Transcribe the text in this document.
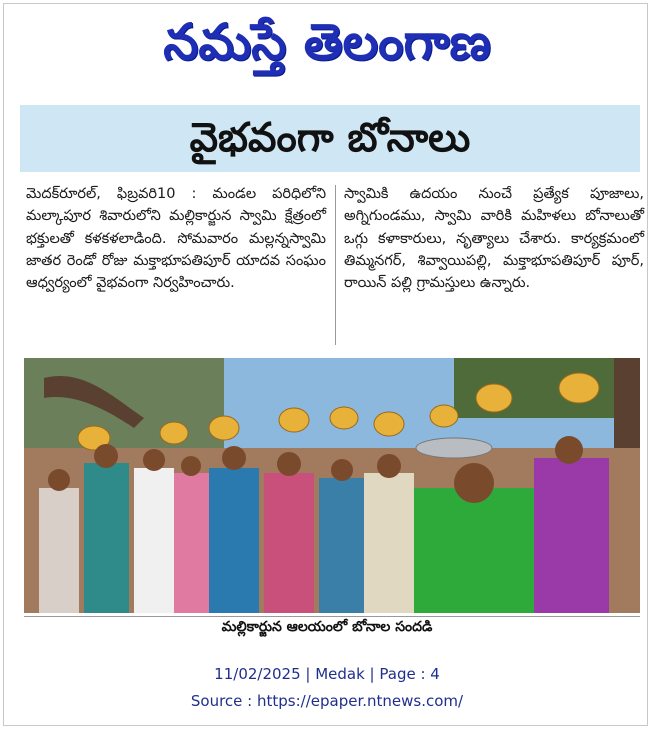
నమస్తే తెలంగాణ
వైభవంగా బోనాలు

మెదక్‌రూరల్, ఫిబ్రవరి10 : మండల పరిధిలోని మల్కాపూర శివారులోని మల్లికార్జున స్వామి క్షేత్రంలో భక్తులతో కళకళలాడింది. సోమవారం మల్లన్నస్వామి జాతర రెండో రోజు మక్తాభూపతిపూర్ యాదవ సంఘం ఆధ్వర్యంలో వైభవంగా నిర్వహించారు.

స్వామికి ఉదయం నుంచే ప్రత్యేక పూజాలు, అగ్నిగుండము, స్వామి వారికి మహిళలు బోనాలుతో ఒగ్గు కళాకారులు, నృత్యాలు చేశారు. కార్యక్రమంలో తిమ్మనగర్, శివ్వాయిపల్లి, మక్తాభూపతిపూర్ పూర్, రాయిన్ పల్లి గ్రామస్తులు ఉన్నారు.

మల్లికార్జున ఆలయంలో బోనాల సందడి
11/02/2025 | Medak | Page : 4
Source : https://epaper.ntnews.com/
